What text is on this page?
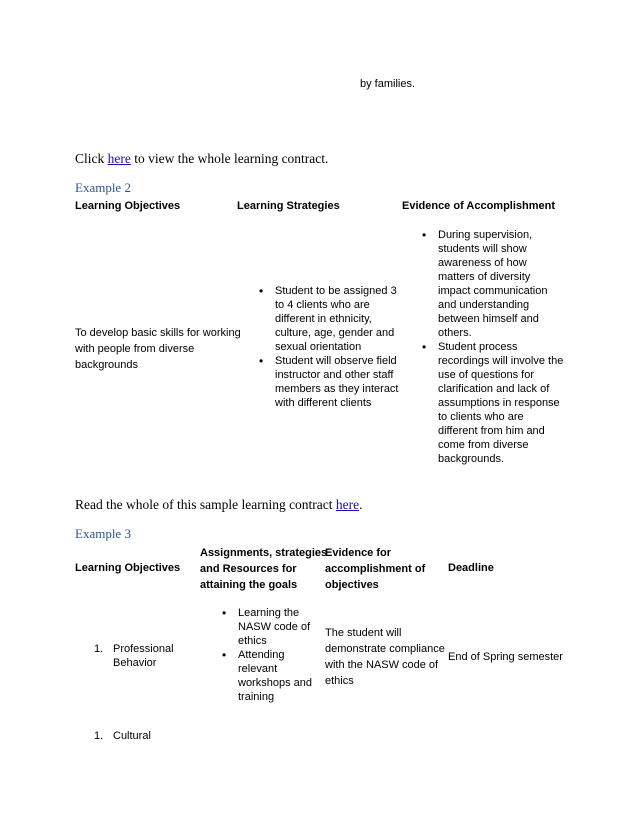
by families.
Click here to view the whole learning contract.
Example 2
Learning Objectives	Learning Strategies	Evidence of Accomplishment
To develop basic skills for working
with people from diverse
backgrounds
• Student to be assigned 3
to 4 clients who are
different in ethnicity,
culture, age, gender and
sexual orientation
• Student will observe field
instructor and other staff
members as they interact
with different clients
• During supervision,
students will show
awareness of how
matters of diversity
impact communication
and understanding
between himself and
others.
• Student process
recordings will involve the
use of questions for
clarification and lack of
assumptions in response
to clients who are
different from him and
come from diverse
backgrounds.
Read the whole of this sample learning contract here.
Example 3
Learning Objectives
Assignments, strategies
and Resources for
attaining the goals
Evidence for
accomplishment of
objectives
Deadline
1. Professional
Behavior
• Learning the
NASW code of
ethics
• Attending
relevant
workshops and
training
The student will
demonstrate compliance
with the NASW code of
ethics
End of Spring semester
1. Cultural
